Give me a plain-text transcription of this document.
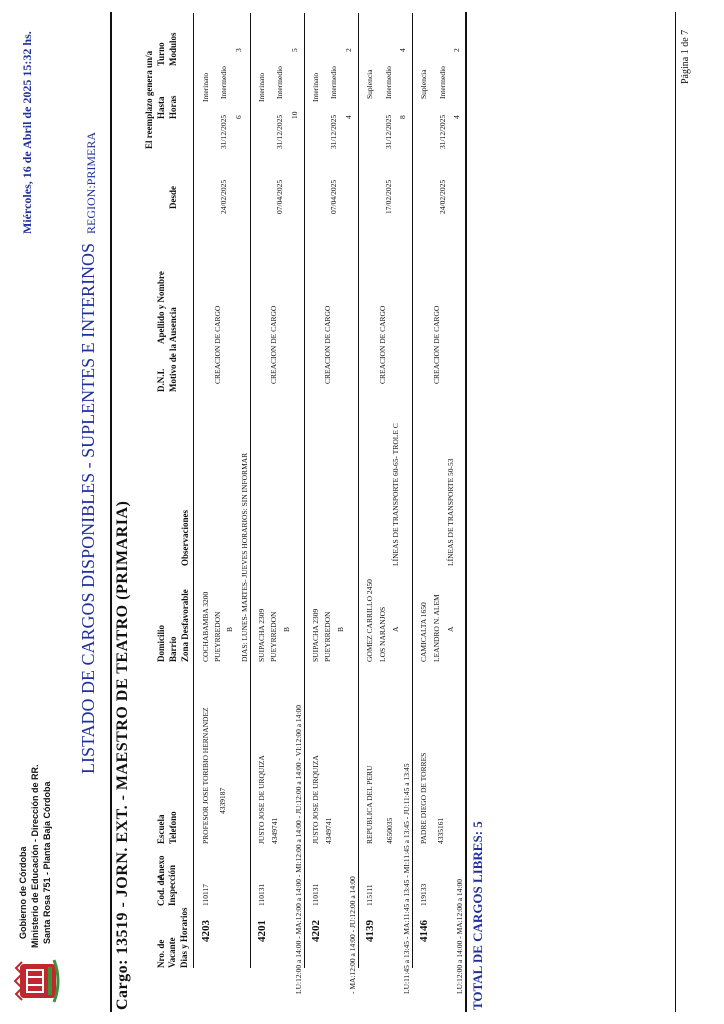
Gobierno de Córdoba Ministerio de Educación - Dirección de RR. Santa Rosa 751 - Planta Baja Córdoba
Miércoles, 16 de Abril de 2025 15:32 hs.
LISTADO DE CARGOS DISPONIBLES - SUPLENTES E INTERINOS
REGION:PRIMERA
Cargo: 13519 - JORN. EXT. - MAESTRO DE TEATRO (PRIMARIA)	Nro. de Vacante Dias y Horarios
Cod. de Inspección
Anexo
Escuela Telefono
Domicilio Barrio Zona Desfavorable
Observaciones
D.N.I.
Apellido y Nombre Motivo de la Ausencia
Desde
El reemplazo genera un/a Hasta Horas
Turno Modulos
4203
110117
PROFESOR JOSE TORIBIO HERNANDEZ 4339187
COCHABAMBA 3200 PUEYRREDON B
CREACION DE CARGO
Interinato
24/02/2025
31/12/2025
Intermedio
6
3
DIAS: LUNES- MARTES- JUEVES HORARIOS: SIN INFORMAR
4201
110131
JUSTO JOSE DE URQUIZA 4349741
SUIPACHA 2309 PUEYRREDON B
CREACION DE CARGO
Interinato
07/04/2025
31/12/2025
Intermedio
10
5
LU:12:00 a 14:00 - MA:12:00 a 14:00 - MI:12:00 a 14:00 - JU:12:00 a 14:00 - VI:12:00 a 14:00 4202
110131
JUSTO JOSE DE URQUIZA 4349741
SUIPACHA 2309 PUEYRREDON B
CREACION DE CARGO
Interinato
07/04/2025
31/12/2025
Intermedio
4
2
- MA:12:00 a 14:00 - JU:12:00 a 14:00 4139
115111
REPUBLICA DEL PERU 4650035
GOMEZ CARRILLO 2450 LOS NARANJOS A
LÍNEAS DE TRANSPORTE 60-65- TROLE C
CREACION DE CARGO
Suplencia
17/02/2025
31/12/2025
Intermedio
8
4
LU:11:45 a 13:45 - MA:11:45 a 13:45 - MI:11:45 a 13:45 - JU:11:45 a 13:45 4146
119133
PADRE DIEGO DE TORRES 4335161
CAMICALTA 1650 LEANDRO N. ALEM A
LÍNEAS DE TRANSPORTE 50-53
CREACION DE CARGO
Suplencia
24/02/2025
31/12/2025
Intermedio
4
2
LU:12:00 a 14:00 - MA:12:00 a 14:00 TOTAL DE CARGOS LIBRES: 5
Página 1 de 7
